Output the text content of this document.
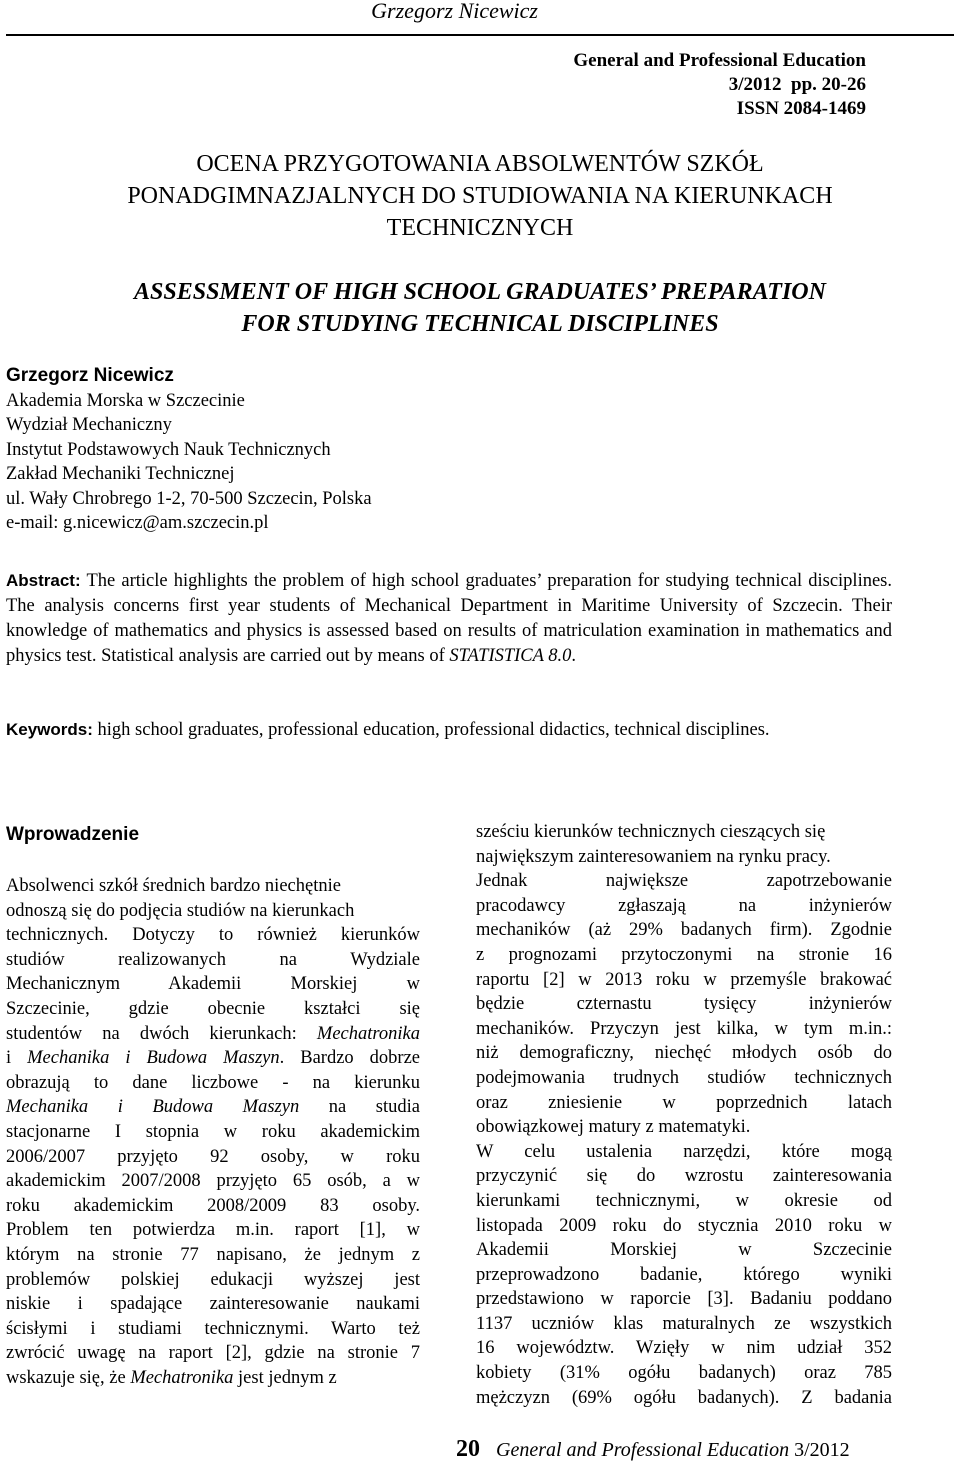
Grzegorz Nicewicz
General and Professional Education
3/2012  pp. 20-26
ISSN 2084-1469
OCENA PRZYGOTOWANIA ABSOLWENTÓW SZKÓŁ
PONADGIMNAZJALNYCH DO STUDIOWANIA NA KIERUNKACH
TECHNICZNYCH
ASSESSMENT OF HIGH SCHOOL GRADUATES’ PREPARATION
FOR STUDYING TECHNICAL DISCIPLINES
Grzegorz Nicewicz
Akademia Morska w Szczecinie
Wydział Mechaniczny
Instytut Podstawowych Nauk Technicznych
Zakład Mechaniki Technicznej
ul. Wały Chrobrego 1-2, 70-500 Szczecin, Polska
e-mail: g.nicewicz@am.szczecin.pl
Abstract: The article highlights the problem of high school graduates’ preparation for studying technical disciplines. The analysis concerns first year students of Mechanical Department in Maritime University of Szczecin. Their knowledge of mathematics and physics is assessed based on results of matriculation examination in mathematics and physics test. Statistical analysis are carried out by means of STATISTICA 8.0.
Keywords: high school graduates, professional education, professional didactics, technical disciplines.
Wprowadzenie
Absolwenci szkół średnich bardzo niechętnie
odnoszą się do podjęcia studiów na kierunkach
technicznych. Dotyczy to również kierunków
studiów realizowanych na Wydziale
Mechanicznym Akademii Morskiej w
Szczecinie, gdzie obecnie kształci się
studentów na dwóch kierunkach: Mechatronika
i Mechanika i Budowa Maszyn. Bardzo dobrze
obrazują to dane liczbowe - na kierunku
Mechanika i Budowa Maszyn na studia
stacjonarne I stopnia w roku akademickim
2006/2007 przyjęto 92 osoby, w roku
akademickim 2007/2008 przyjęto 65 osób, a w
roku akademickim 2008/2009 83 osoby.
Problem ten potwierdza m.in. raport [1], w
którym na stronie 77 napisano, że jednym z
problemów polskiej edukacji wyższej jest
niskie i spadające zainteresowanie naukami
ścisłymi i studiami technicznymi. Warto też
zwrócić uwagę na raport [2], gdzie na stronie 7
wskazuje się, że Mechatronika jest jednym z
sześciu kierunków technicznych cieszących się
największym zainteresowaniem na rynku pracy.
Jednak największe zapotrzebowanie
pracodawcy zgłaszają na inżynierów
mechaników (aż 29% badanych firm). Zgodnie
z prognozami przytoczonymi na stronie 16
raportu [2] w 2013 roku w przemyśle brakować
będzie czternastu tysięcy inżynierów
mechaników. Przyczyn jest kilka, w tym m.in.:
niż demograficzny, niechęć młodych osób do
podejmowania trudnych studiów technicznych
oraz zniesienie w poprzednich latach
obowiązkowej matury z matematyki.
W celu ustalenia narzędzi, które mogą
przyczynić się do wzrostu zainteresowania
kierunkami technicznymi, w okresie od
listopada 2009 roku do stycznia 2010 roku w
Akademii Morskiej w Szczecinie
przeprowadzono badanie, którego wyniki
przedstawiono w raporcie [3]. Badaniu poddano
1137 uczniów klas maturalnych ze wszystkich
16 województw. Wzięły w nim udział 352
kobiety (31% ogółu badanych) oraz 785
mężczyzn (69% ogółu badanych). Z badania
20 General and Professional Education 3/2012
